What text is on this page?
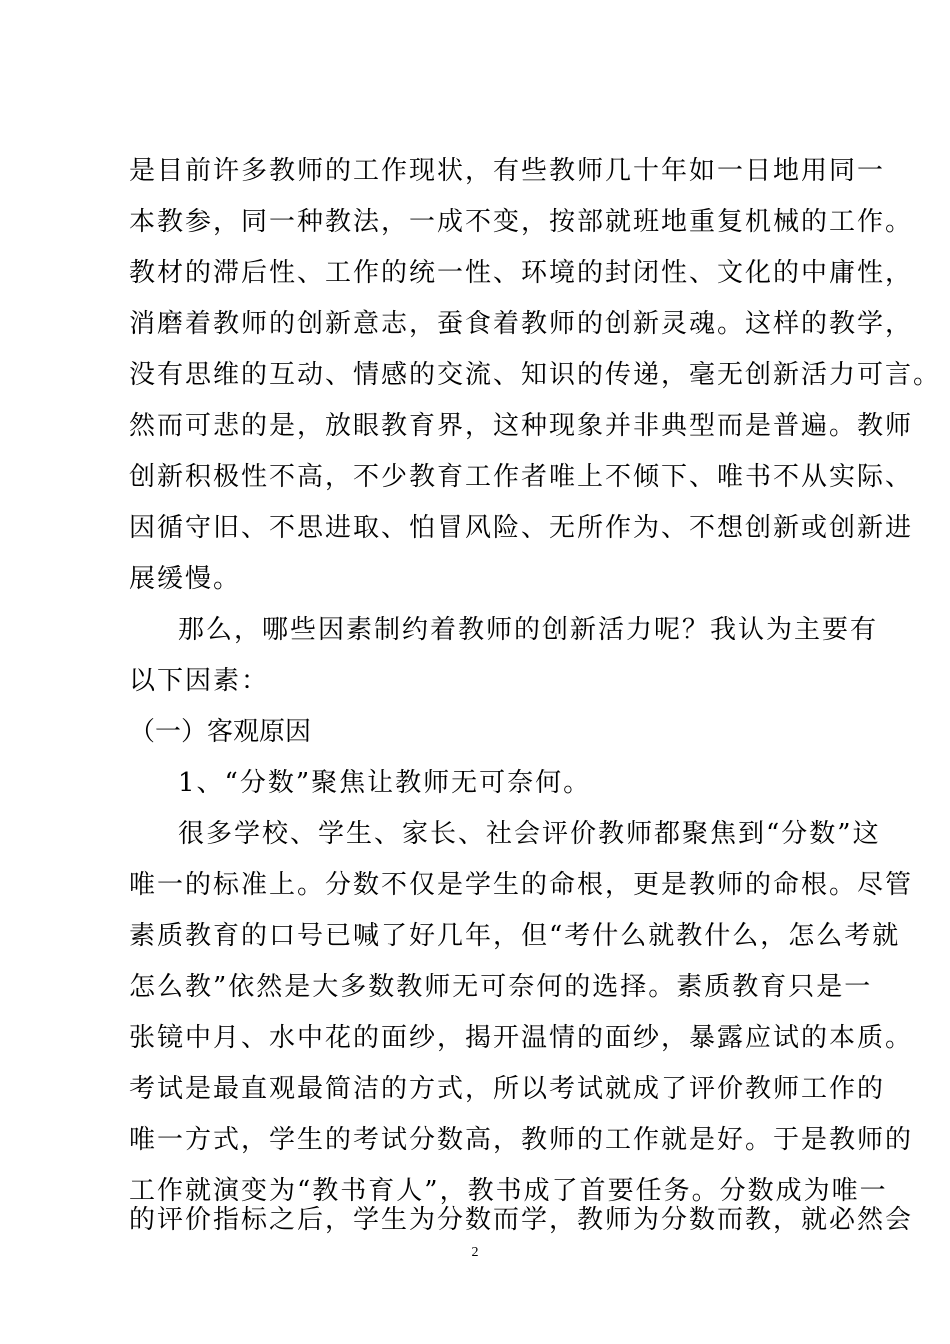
是目前许多教师的工作现状，有些教师几十年如一日地用同一
本教参，同一种教法，一成不变，按部就班地重复机械的工作。
教材的滞后性、工作的统一性、环境的封闭性、文化的中庸性，
消磨着教师的创新意志，蚕食着教师的创新灵魂。这样的教学，
没有思维的互动、情感的交流、知识的传递，毫无创新活力可言。
然而可悲的是，放眼教育界，这种现象并非典型而是普遍。教师
创新积极性不高，不少教育工作者唯上不倾下、唯书不从实际、
因循守旧、不思进取、怕冒风险、无所作为、不想创新或创新进
展缓慢。
那么，哪些因素制约着教师的创新活力呢？我认为主要有
以下因素：
（一）客观原因
1、“分数”聚焦让教师无可奈何。
很多学校、学生、家长、社会评价教师都聚焦到“分数”这
唯一的标准上。分数不仅是学生的命根，更是教师的命根。尽管
素质教育的口号已喊了好几年，但“考什么就教什么，怎么考就
怎么教”依然是大多数教师无可奈何的选择。素质教育只是一
张镜中月、水中花的面纱，揭开温情的面纱，暴露应试的本质。
考试是最直观最简洁的方式，所以考试就成了评价教师工作的
唯一方式，学生的考试分数高，教师的工作就是好。于是教师的
工作就演变为“教书育人”，教书成了首要任务。分数成为唯一
的评价指标之后，学生为分数而学，教师为分数而教，就必然会
2
